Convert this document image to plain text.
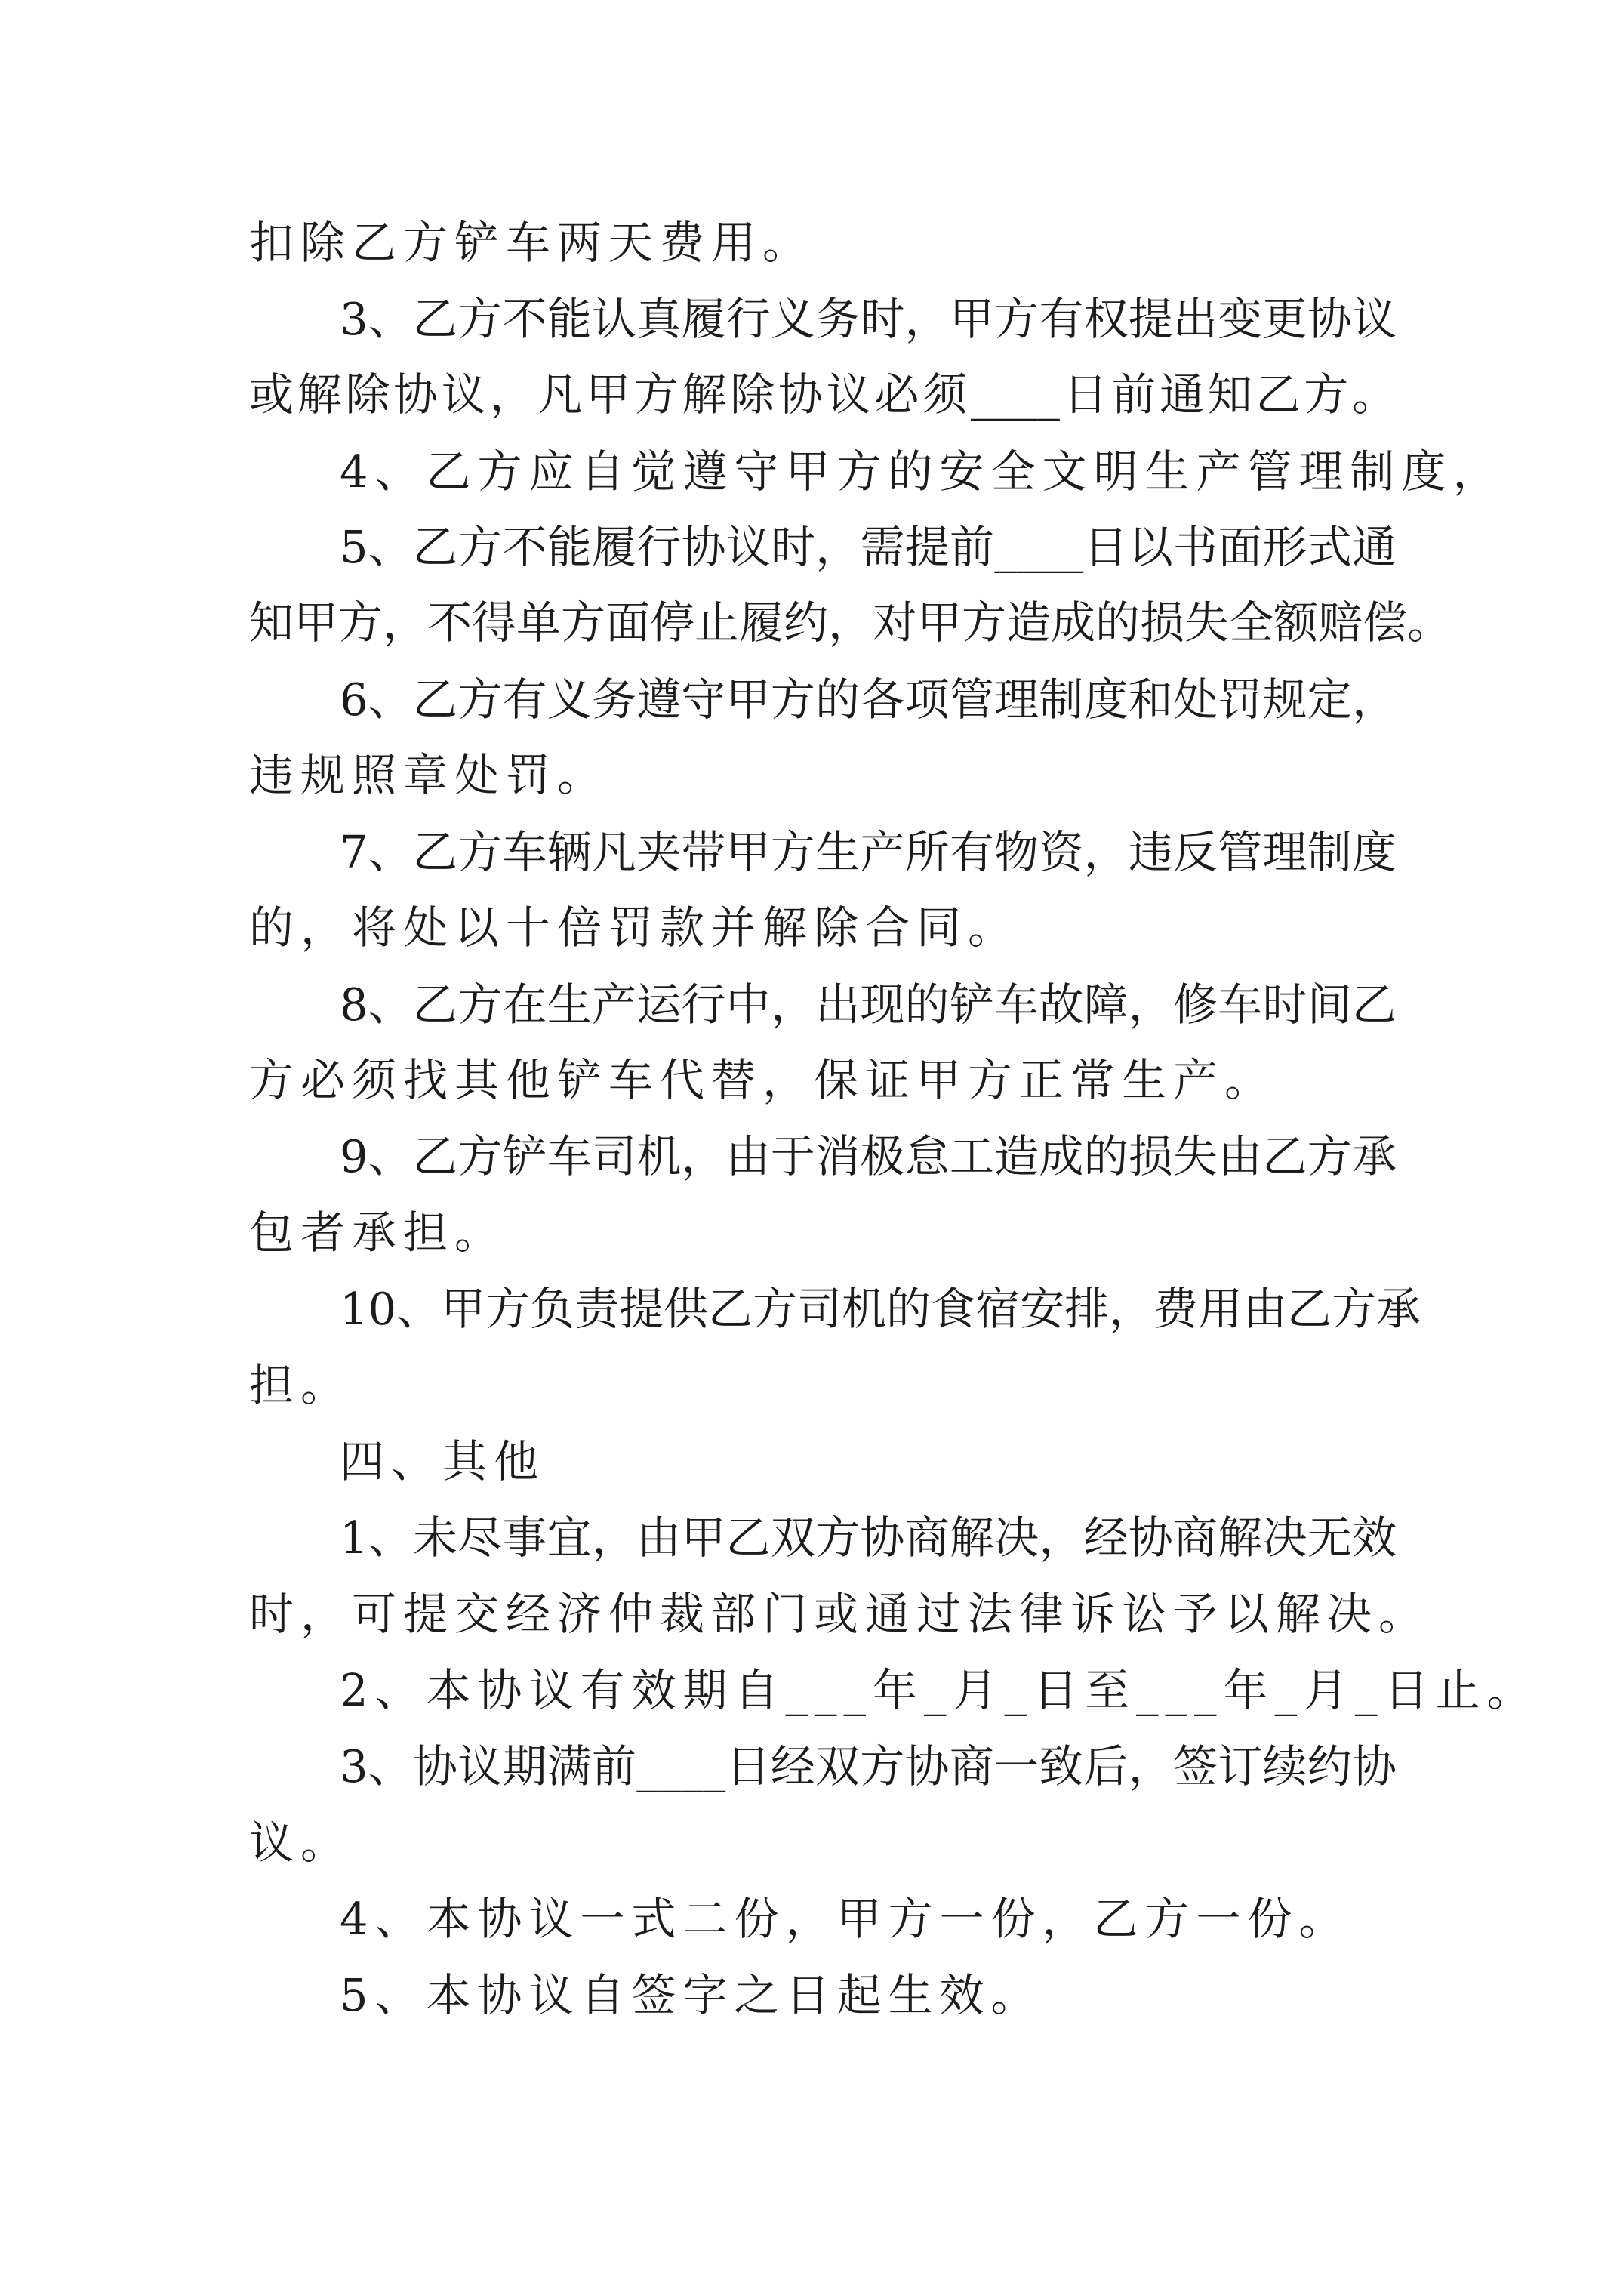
扣除乙方铲车两天费用。
3、乙方不能认真履行义务时，甲方有权提出变更协议
或解除协议，凡甲方解除协议必须____日前通知乙方。
4、乙方应自觉遵守甲方的安全文明生产管理制度，
5、乙方不能履行协议时，需提前____日以书面形式通
知甲方，不得单方面停止履约，对甲方造成的损失全额赔偿。
6、乙方有义务遵守甲方的各项管理制度和处罚规定，
违规照章处罚。
7、乙方车辆凡夹带甲方生产所有物资，违反管理制度
的，将处以十倍罚款并解除合同。
8、乙方在生产运行中，出现的铲车故障，修车时间乙
方必须找其他铲车代替，保证甲方正常生产。
9、乙方铲车司机，由于消极怠工造成的损失由乙方承
包者承担。
10、甲方负责提供乙方司机的食宿安排，费用由乙方承
担。
四、其他
1、未尽事宜，由甲乙双方协商解决，经协商解决无效
时，可提交经济仲裁部门或通过法律诉讼予以解决。
2、本协议有效期自___年_月_日至___年_月_日止。
3、协议期满前____日经双方协商一致后，签订续约协
议。
4、本协议一式二份，甲方一份，乙方一份。
5、本协议自签字之日起生效。
